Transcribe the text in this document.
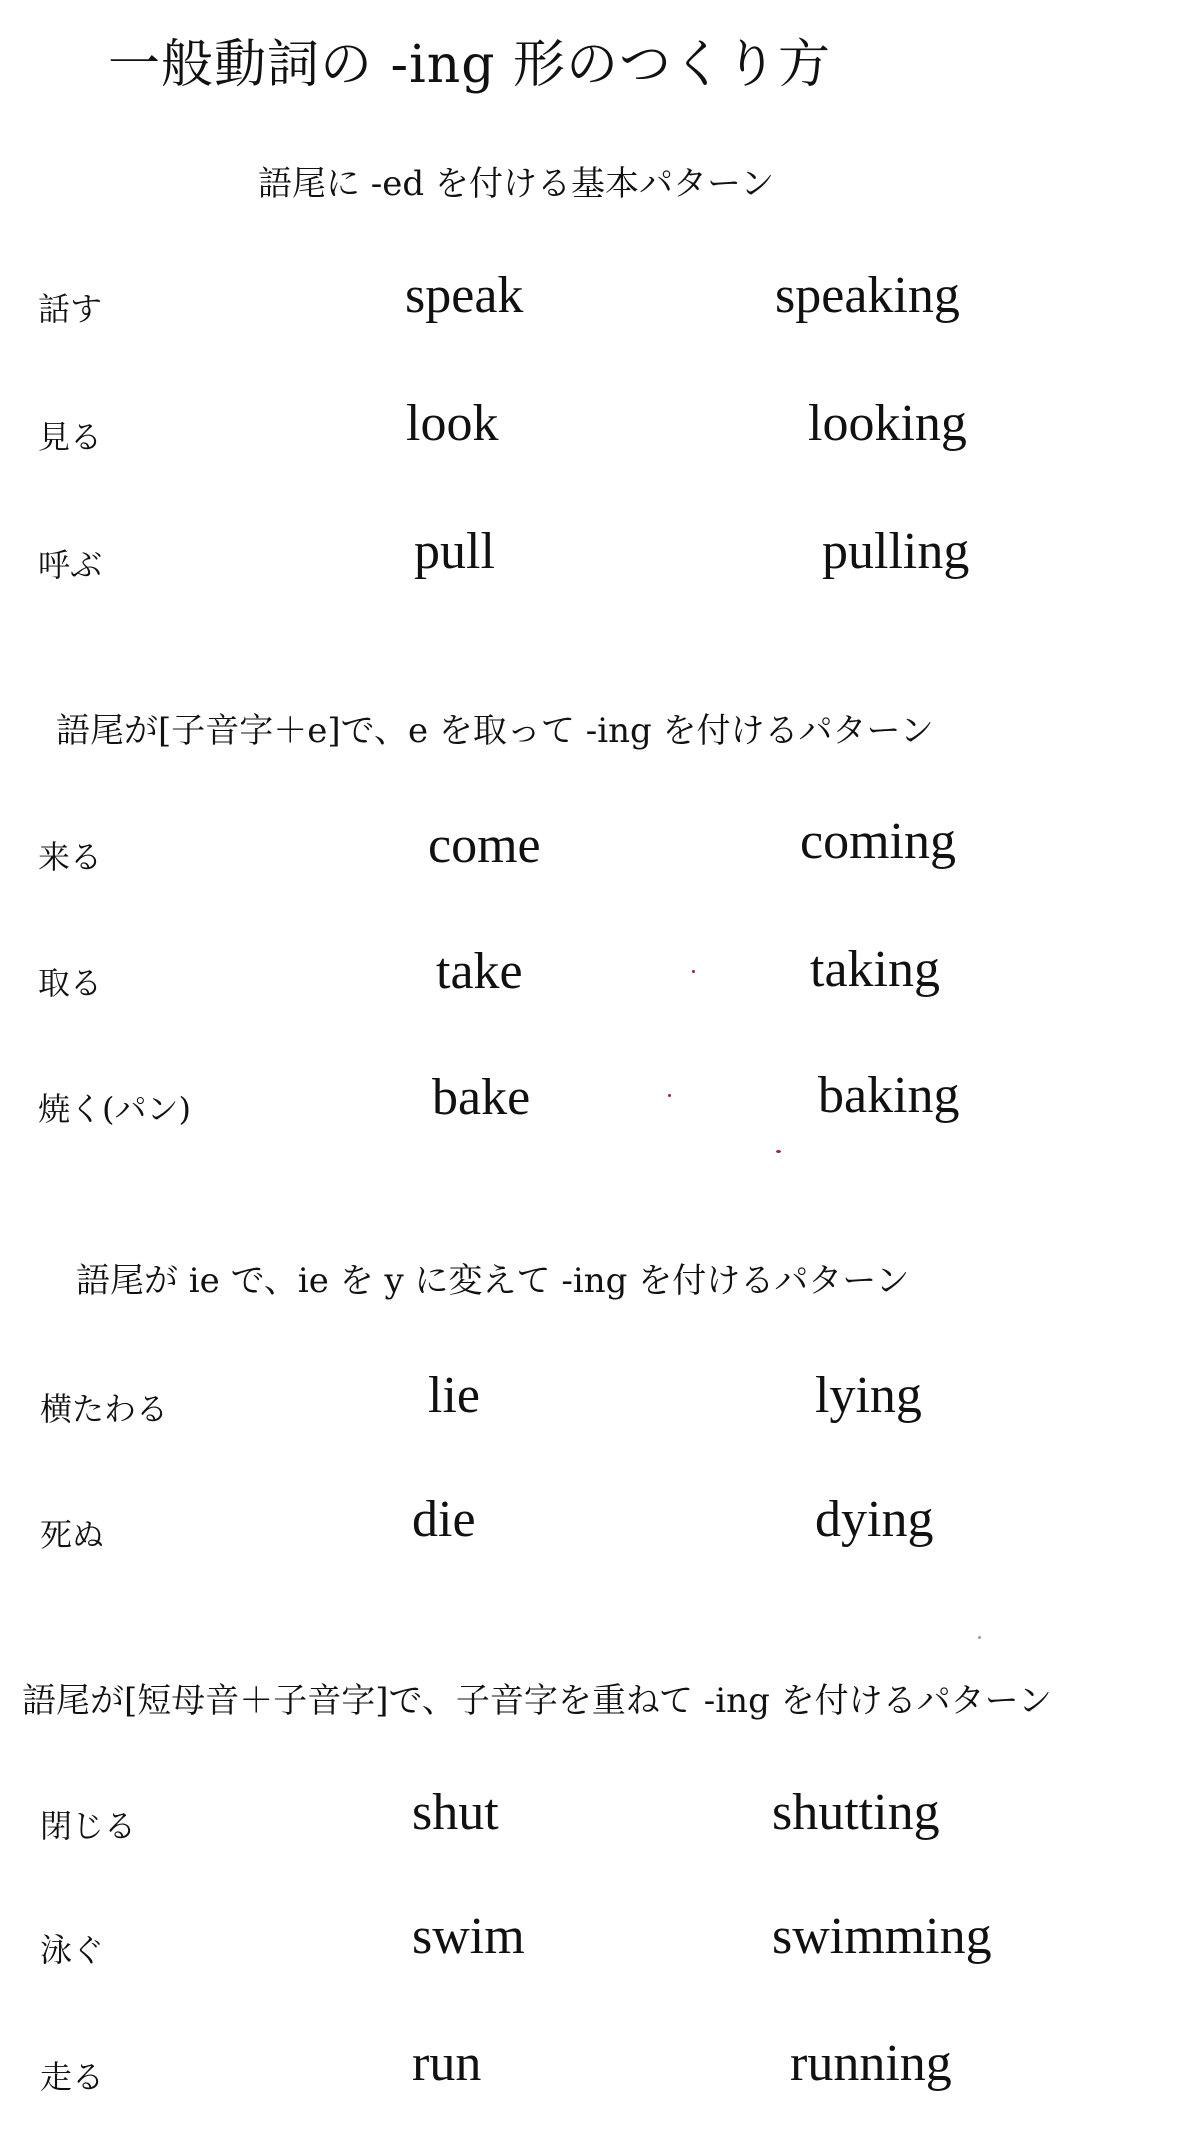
一般動詞の -ing 形のつくり方
語尾に -ed を付ける基本パターン
話す	speak	speaking
見る	look	looking
呼ぶ	pull	pulling
語尾が[子音字＋e]で、e を取って -ing を付けるパターン
来る	come	coming
取る	take	taking
焼く(パン)	bake	baking
語尾が ie で、ie を y に変えて -ing を付けるパターン
横たわる	lie	lying
死ぬ	die	dying
語尾が[短母音＋子音字]で、子音字を重ねて -ing を付けるパターン
閉じる	shut	shutting
泳ぐ	swim	swimming
走る	run	running
